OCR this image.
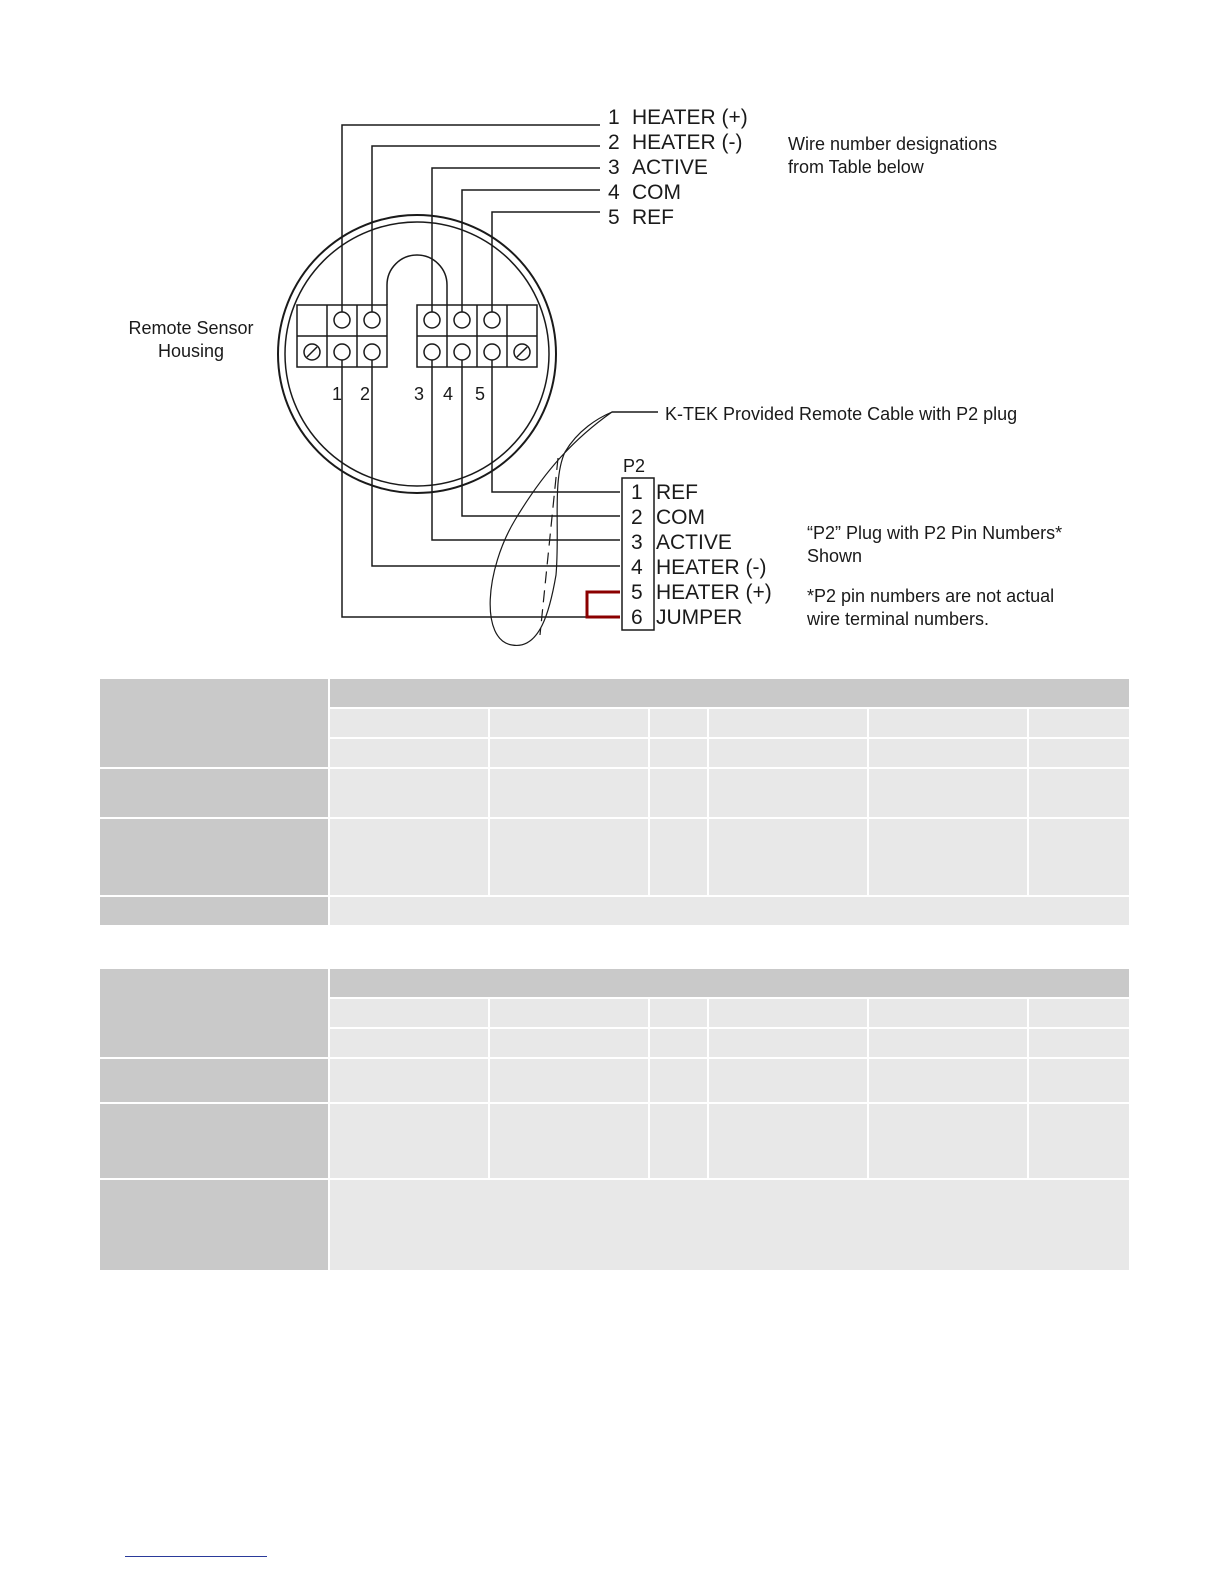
Remote Sensor
Housing
1 HEATER (+)
2 HEATER (-)
3 ACTIVE
4 COM
5 REF
Wire number designations
from Table below
1 2 3 4 5
K-TEK Provided Remote Cable with P2 plug
P2
1 REF
2 COM
3 ACTIVE
4 HEATER (-)
5 HEATER (+)
6 JUMPER
“P2” Plug with P2 Pin Numbers*
Shown
*P2 pin numbers are not actual
wire terminal numbers.
